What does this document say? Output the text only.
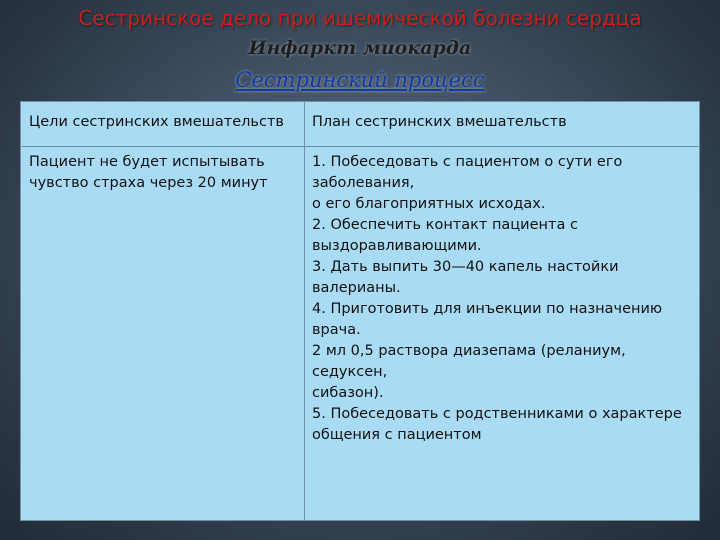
Сестринское дело при ишемической болезни сердца
Инфаркт миокарда
Сестринский процесс
Цели сестринских вмешательств	План сестринских вмешательств
Пациент не будет испытывать
чувство страха через 20 минут
1. Побеседовать с пациентом о сути его
заболевания,
о его благоприятных исходах.
2. Обеспечить контакт пациента с
выздоравливающими.
3. Дать выпить 30—40 капель настойки
валерианы.
4. Приготовить для инъекции по назначению
врача.
2 мл 0,5 раствора диазепама (реланиум,
седуксен,
сибазон).
5. Побеседовать с родственниками о характере
общения с пациентом
